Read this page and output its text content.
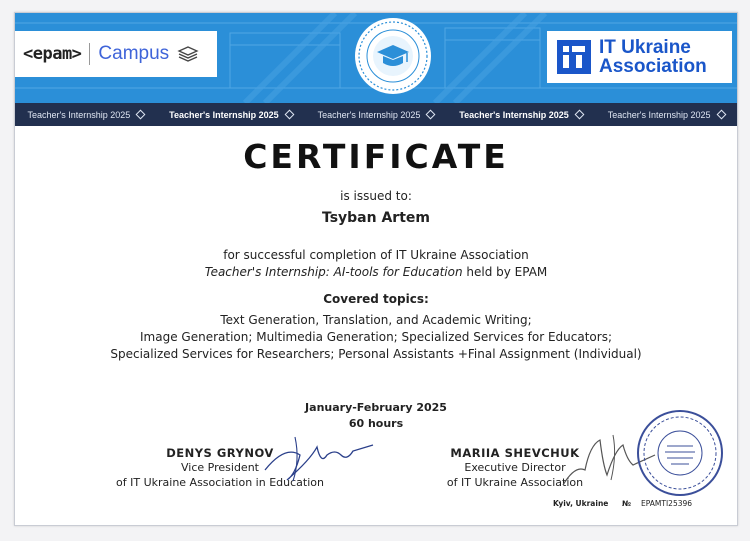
<epam> Campus	IT Ukraine
Association
Teacher's Internship 2025	Teacher's Internship 2025	Teacher's Internship 2025	Teacher's Internship 2025	Teacher's Internship 2025
CERTIFICATE
is issued to:
Tsyban Artem
for successful completion of IT Ukraine Association
Teacher's Internship: AI-tools for Education held by EPAM
Covered topics:
Text Generation, Translation, and Academic Writing;
Image Generation; Multimedia Generation; Specialized Services for Educators;
Specialized Services for Researchers; Personal Assistants +Final Assignment (Individual)
January-February 2025
60 hours
DENYS GRYNOV
Vice President
of IT Ukraine Association in Education
MARIIA SHEVCHUK
Executive Director
of IT Ukraine Association
Kyiv, Ukraine № EPAMTI25396
